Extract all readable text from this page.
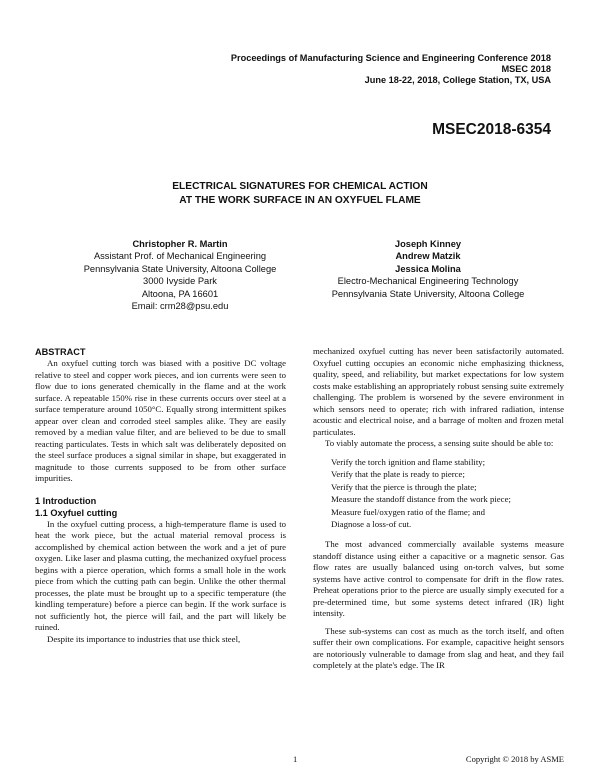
Proceedings of Manufacturing Science and Engineering Conference 2018
MSEC 2018
June 18-22, 2018, College Station, TX, USA
MSEC2018-6354
ELECTRICAL SIGNATURES FOR CHEMICAL ACTION
AT THE WORK SURFACE IN AN OXYFUEL FLAME
Christopher R. Martin
Assistant Prof. of Mechanical Engineering
Pennsylvania State University, Altoona College
3000 Ivyside Park
Altoona, PA 16601
Email: crm28@psu.edu
Joseph Kinney
Andrew Matzik
Jessica Molina
Electro-Mechanical Engineering Technology
Pennsylvania State University, Altoona College
ABSTRACT

An oxyfuel cutting torch was biased with a positive DC voltage relative to steel and copper work pieces, and ion currents were seen to flow due to ions generated chemically in the flame and at the work surface. A repeatable 150% rise in these currents occurs over steel at a surface temperature around 1050°C. Equally strong intermittent spikes appear over clean and corroded steel samples alike. They are easily removed by a median value filter, and are believed to be due to small reacting particulates. Tests in which salt was deliberately deposited on the steel surface produces a signal similar in shape, but exaggerated in magnitude to those currents supposed to be from other surface impurities.

1 Introduction
1.1 Oxyfuel cutting

In the oxyfuel cutting process, a high-temperature flame is used to heat the work piece, but the actual material removal process is accomplished by chemical action between the work and a jet of pure oxygen. Like laser and plasma cutting, the mechanized oxyfuel process begins with a pierce operation, which forms a small hole in the work piece from which the cutting path can begin. Unlike the other thermal processes, the plate must be brought up to a specific temperature (the kindling temperature) before a pierce can begin. If the work surface is not sufficiently hot, the pierce will fail, and the part will likely be ruined.

Despite its importance to industries that use thick steel,

mechanized oxyfuel cutting has never been satisfactorily automated. Oxyfuel cutting occupies an economic niche emphasizing thickness, quality, speed, and reliability, but market expectations for low system costs make establishing an appropriately robust sensing suite extremely challenging. The problem is worsened by the severe environment in which sensors need to operate; rich with infrared radiation, intense acoustic and electrical noise, and a barrage of molten and frozen metal particulates.

To viably automate the process, a sensing suite should be able to:

Verify the torch ignition and flame stability;
Verify that the plate is ready to pierce;
Verify that the pierce is through the plate;
Measure the standoff distance from the work piece;
Measure fuel/oxygen ratio of the flame; and
Diagnose a loss-of cut.

The most advanced commercially available systems measure standoff distance using either a capacitive or a magnetic sensor. Gas flow rates are usually balanced using on-torch valves, but some systems have active control to compensate for drift in the flow rates. Preheat operations prior to the pierce are usually simply executed for a pre-determined time, but some systems detect infrared (IR) light intensity.

These sub-systems can cost as much as the torch itself, and often suffer their own complications. For example, capacitive height sensors are notoriously vulnerable to damage from slag and heat, and they fail completely at the plate's edge. The IR

1	Copyright © 2018 by ASME
